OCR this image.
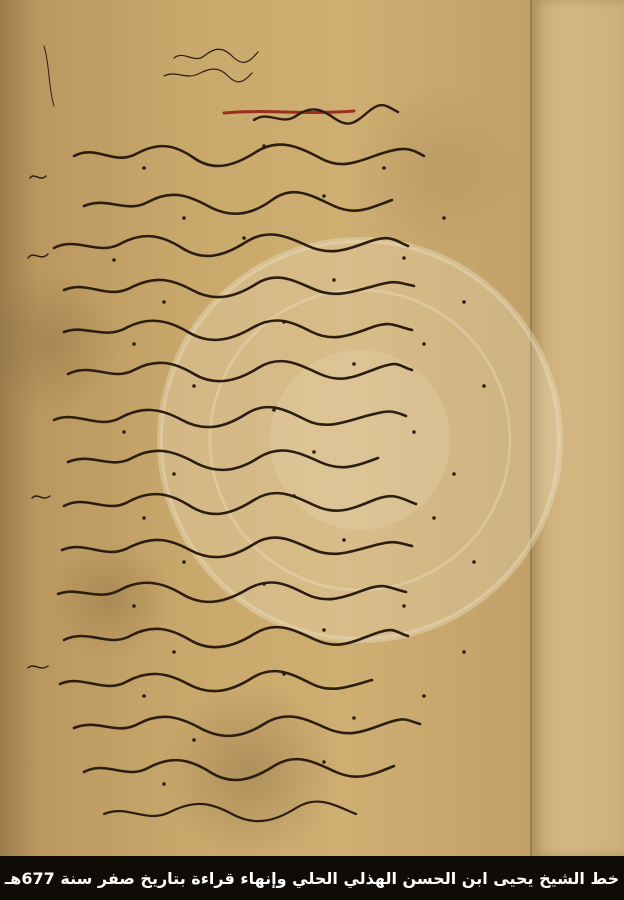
خط الشيخ يحيى ابن الحسن الهذلي الحلي وإنهاء قراءة بتاريخ صفر سنة 677هـ
